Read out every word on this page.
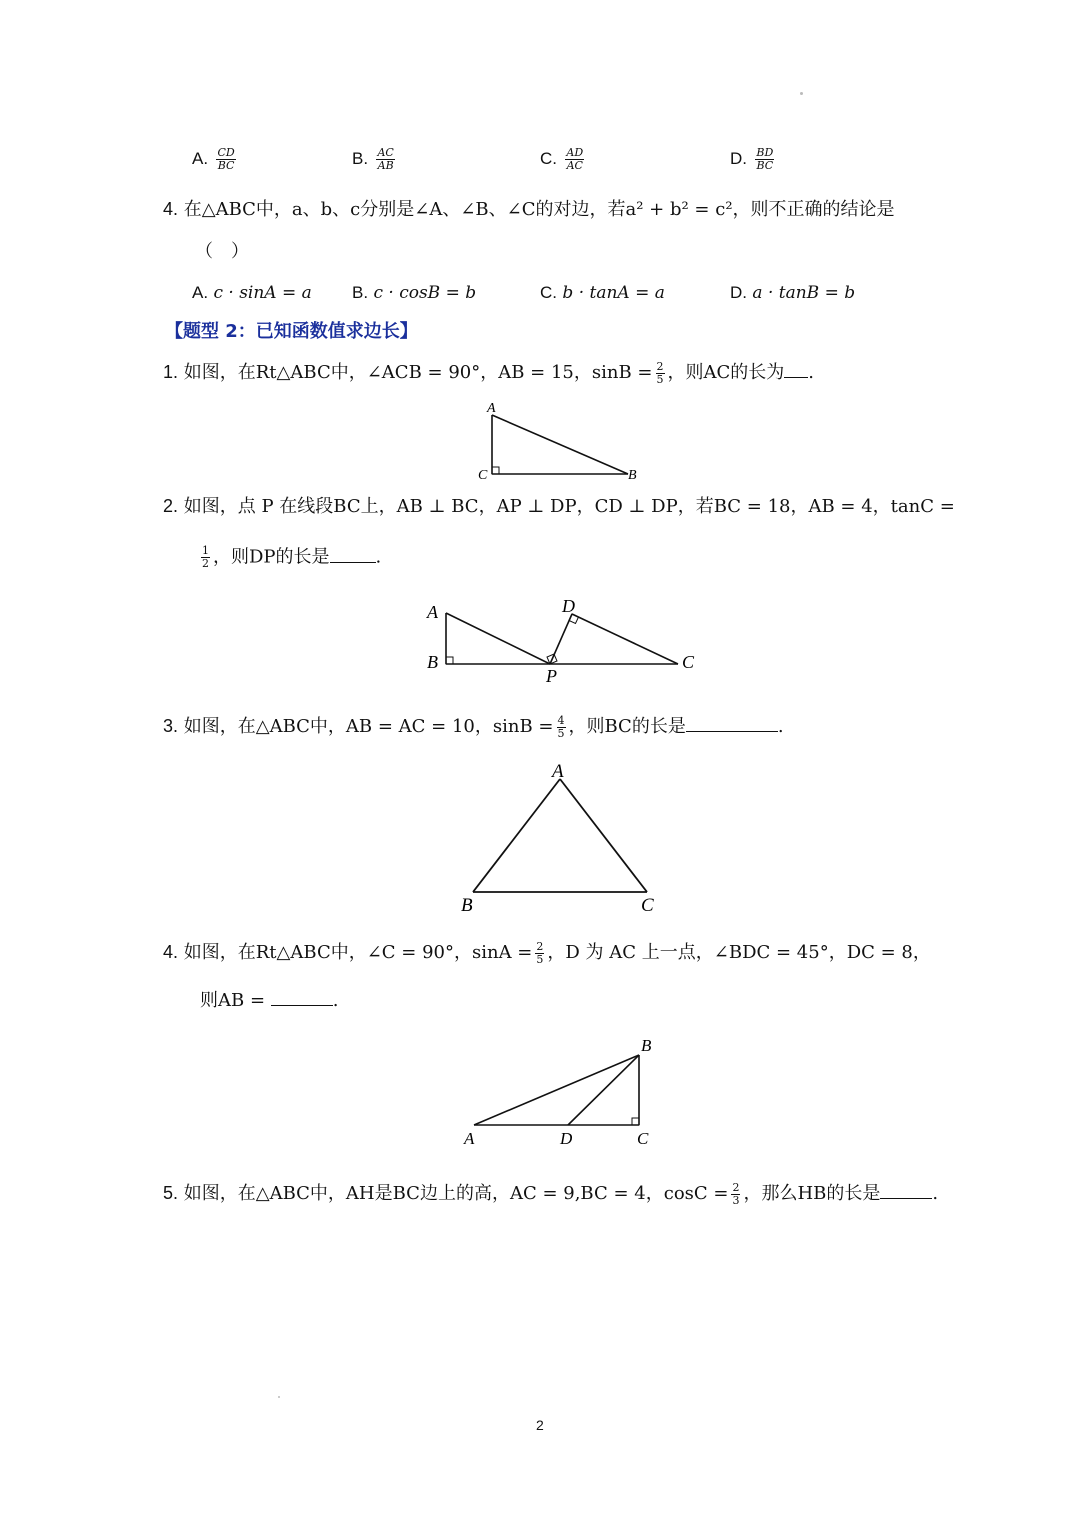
A. $\frac{CD}{BC}$	B. $\frac{AC}{AB}$	C. $\frac{AD}{AC}$	D. $\frac{BD}{BC}$
4. 在△ABC中，a、b、c分别是∠A、∠B、∠C的对边，若a² + b² = c²，则不正确的结论是
（　）
A. c · sinA = a B. c · cosB = b	C. b · tanA = a	D. a · tanB = b
【题型 2：已知函数值求边长】
1. 如图，在Rt△ABC中，∠ACB = 90°，AB = 15，$\sin B = \frac{2}{5}$ ，则AC的长为 .
A
C	B
2. 如图，点 P 在线段BC上，AB ⊥ BC，AP ⊥ DP，CD ⊥ DP，若BC = 18，AB = 4，tanC =
$\frac{1}{2}$ ，则DP的长是	.
A
B
D
P
C
3. 如图，在△ABC中，AB = AC = 10，$\sin B = \frac{4}{5}$ ，则BC的长是	.
A
B	C
4. 如图，在Rt△ABC中，∠C = 90°，$\sin A = \frac{2}{5}$ ，D 为 AC 上一点，∠BDC = 45°，DC = 8，
则AB =	.
B
A	D	C
5. 如图，在△ABC中，AH是BC边上的高，AC = 9,BC = 4，$\cos C = \frac{2}{3}$ ，那么HB的长是	.
2
